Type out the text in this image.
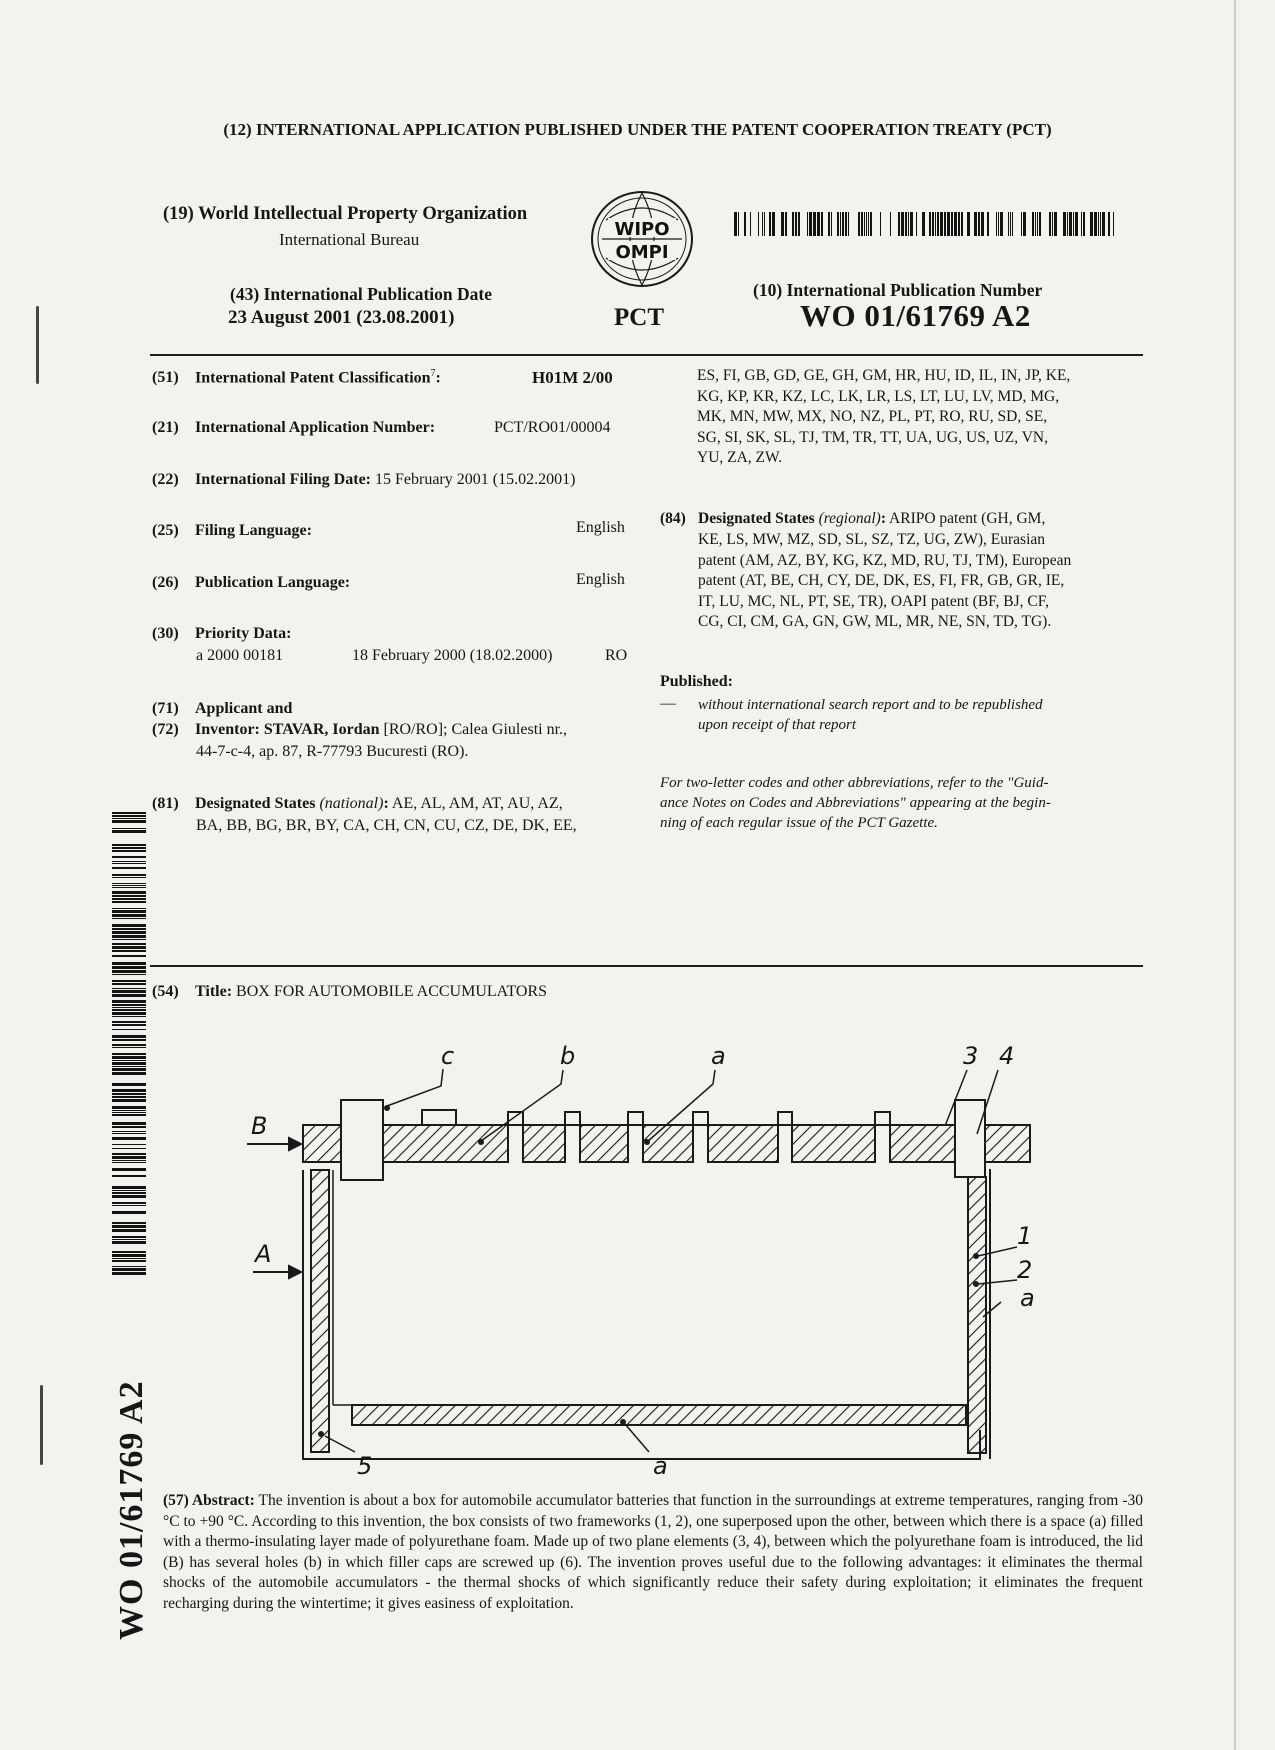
(12) INTERNATIONAL APPLICATION PUBLISHED UNDER THE PATENT COOPERATION TREATY (PCT)
(19) World Intellectual Property Organization
International Bureau	WIPO
OMPI
(43) International Publication Date
23 August 2001 (23.08.2001)	PCT
(10) International Publication Number
WO 01/61769 A2
(51) International Patent Classification$^7$:	H01M 2/00
(21) International Application Number:	PCT/RO01/00004
(22) International Filing Date: 15 February 2001 (15.02.2001)
(25) Filing Language:	English
(26) Publication Language:	English
(30) Priority Data:
a 2000 00181	18 February 2000 (18.02.2000)	RO
(71) Applicant and
(72) Inventor: STAVAR, Iordan [RO/RO]; Calea Giulesti nr.,
44-7-c-4, ap. 87, R-77793 Bucuresti (RO).
(81) Designated States (national): AE, AL, AM, AT, AU, AZ,
BA, BB, BG, BR, BY, CA, CH, CN, CU, CZ, DE, DK, EE,
ES, FI, GB, GD, GE, GH, GM, HR, HU, ID, IL, IN, JP, KE,
KG, KP, KR, KZ, LC, LK, LR, LS, LT, LU, LV, MD, MG,
MK, MN, MW, MX, NO, NZ, PL, PT, RO, RU, SD, SE,
SG, SI, SK, SL, TJ, TM, TR, TT, UA, UG, US, UZ, VN,
YU, ZA, ZW.
(84) Designated States (regional): ARIPO patent (GH, GM,
KE, LS, MW, MZ, SD, SL, SZ, TZ, UG, ZW), Eurasian
patent (AM, AZ, BY, KG, KZ, MD, RU, TJ, TM), European
patent (AT, BE, CH, CY, DE, DK, ES, FI, FR, GB, GR, IE,
IT, LU, MC, NL, PT, SE, TR), OAPI patent (BF, BJ, CF,
CG, CI, CM, GA, GN, GW, ML, MR, NE, SN, TD, TG).
Published:
— without international search report and to be republished
upon receipt of that report
For two-letter codes and other abbreviations, refer to the "Guid-
ance Notes on Codes and Abbreviations" appearing at the begin-
ning of each regular issue of the PCT Gazette.
WO 01/61769 A2
(54) Title: BOX FOR AUTOMOBILE ACCUMULATORS
B
A
c	b	a	3 4
1
2
a
5	a
(57) Abstract: The invention is about a box for automobile accumulator batteries that function in the surroundings at extreme temperatures, ranging from -30 °C to +90 °C. According to this invention, the box consists of two frameworks (1, 2), one superposed upon the other, between which there is a space (a) filled with a thermo-insulating layer made of polyurethane foam. Made up of two plane elements (3, 4), between which the polyurethane foam is introduced, the lid (B) has several holes (b) in which filler caps are screwed up (6). The invention proves useful due to the following advantages: it eliminates the thermal shocks of the automobile accumulators - the thermal shocks of which significantly reduce their safety during exploitation; it eliminates the frequent recharging during the wintertime; it gives easiness of exploitation.
